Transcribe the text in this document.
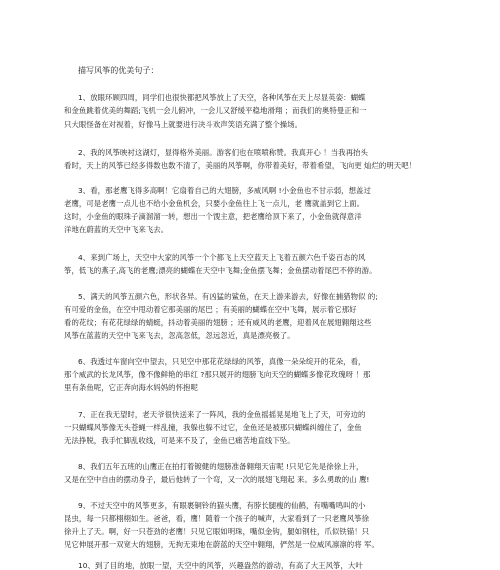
描写风筝的优美句子：
1、放眼环顾四周，同学们也很快都把风筝放上了天空，各种风筝在天上尽显英姿：蝴蝶
和金鱼跳着优美的舞蹈;飞机一会儿俯冲，一会儿又舒缓平稳地滑翔 ；而我们的奥特曼正和一
只大眼怪备在对视着，好像马上就要进行决斗欢声笑语充满了整个操场。
2、我的风筝映衬这湖灯，显得格外美丽。游客们也在喷喷称赞。我真开心 ！当我再抬头
看时，天上的风筝已经多得数也数不清了，美丽的风筝啊，你带着美好，带着希望，飞向更 灿烂的明天吧！
3、看，那老鹰飞得多高啊！它扇着自己的大翅膀，多威风啊 !小金鱼也不甘示弱，想盖过
老鹰，可是老鹰一点儿也不给小金鱼机会，只要小金鱼往上飞一点儿，老 鹰就盖到它上面。
这时，小金鱼的眼珠子滴溜溜一转，想出一个馊主意，把老鹰给顶下来了，小金鱼就得意洋
洋地在蔚蓝的天空中飞来飞去。
4、来到广场上，天空中大家的风筝一个个都飞上天空蓝天上飞着五颜六色千姿百态的风
筝，低飞的燕子,高飞的老鹰;漂亮的蝴蝶在天空中飞舞;金鱼摆飞舞；金鱼摆动着尾巴不停的游。
5、满天的风筝五颜六色，形状各异。有凶猛的鲨鱼，在天上游来游去，好像在捕猎物似 的;
有可爱的金鱼，在空中甩动着它那美丽的尾巴 ；有美丽的蝴蝶在空中飞舞，展示着它那好
看的花纹；有花花绿绿的蜻蜓，抖动着美丽的翅膀 ；还有威风的老鹰，迎着风在展翅翱翔这些
风筝在蓝蓝的天空中飞来飞去，忽高忽低，忽远忽近，真是漂亮极了。
6、我透过车窗向空中望去，只见空中那花花绿绿的风筝，真像一朵朵绽开的花朵，看，
那个威武的长龙风筝，像不像鲜艳的串红 ?那只展开的翅膀飞向天空的蝴蝶多像花玫瑰呀 ！那
里有条鱼呢，它正奔向海水妈妈的怀抱呢
7、正在我无望时，老天爷很快送来了一阵风，我的金鱼摇摇晃晃地飞上了天，可旁边的
一只蝴蝶风筝像无头苍蝇一样乱撞，我躲也躲不过它，金鱼还是被那只蝴蝶纠缠住了，金鱼
无法挣脱，我手忙脚乱收线，可是来不及了，金鱼已痛苦地直线下坠。
8、我们五年五班的山鹰正在拍打着镀健的翅膀准备翱翔天宙呢 !只见它先是徐徐上升，
又是在空中自由的摆动身子，最后他转了一个弯，又一次的展翅飞翔起 来。多么勇敢的山 鹰!
9、不过天空中的风筝更多，有眼裹铜铃的猫头鹰，有脖长腿瘦的仙鹤，有嘴嘴鸣叫的小
昆虫，每一只都栩栩如生。爸爸，看，鹰！随着一个孩子的喊声，大家看到了一只老鹰风筝徐
徐升上了天。啊，好一只苍劲的老鹰！只见它眼如明珠，嘴似金钩，腿如钢柱，爪似铁锚！只
见它伸展开那一双宽大的翅膀，无拘无束地在蔚蓝的天空中翱翔，俨然是一位威风凛凛的将 军。
10、到了目的地，放眼一望，天空中的风筝，兴趣盎然的游动，有高了大王风筝，大叶
